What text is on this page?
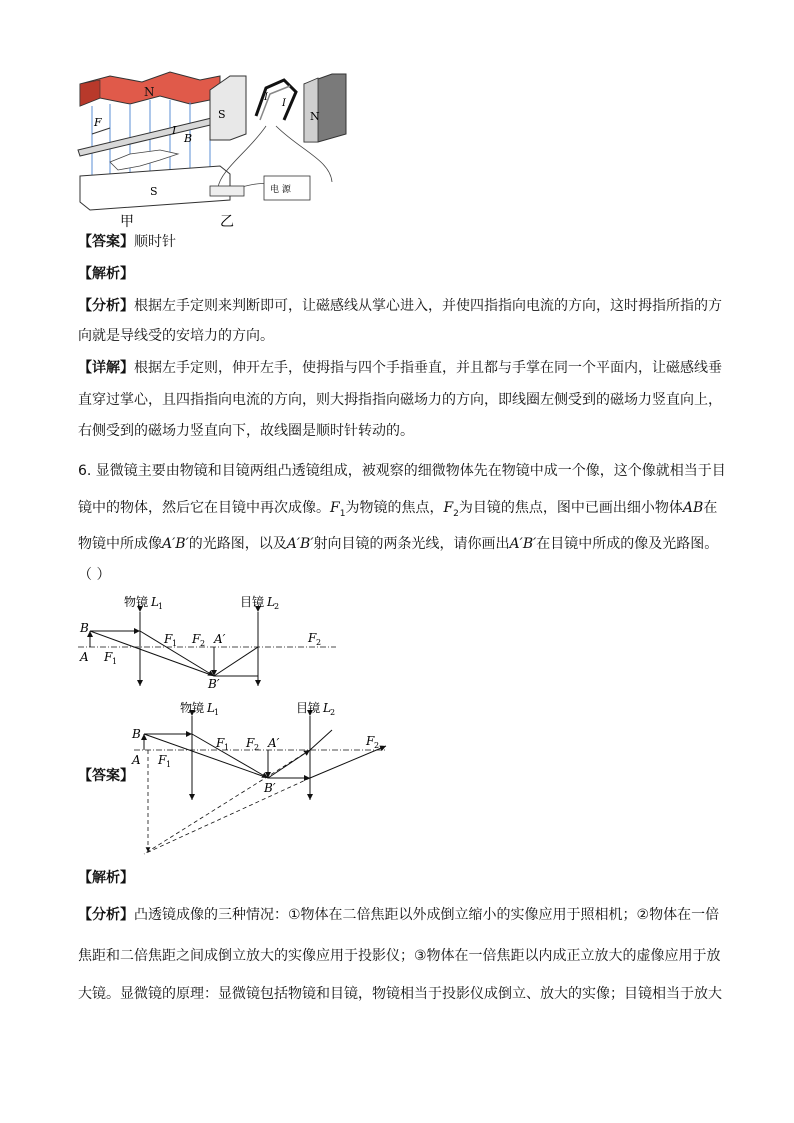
N
F
I
B
S
甲
S	N
I
I
电 源
乙
【答案】顺时针
【解析】
【分析】根据左手定则来判断即可，让磁感线从掌心进入，并使四指指向电流的方向，这时拇指所指的方
向就是导线受的安培力的方向。
【详解】根据左手定则，伸开左手，使拇指与四个手指垂直，并且都与手掌在同一个平面内，让磁感线垂
直穿过掌心，且四指指向电流的方向，则大拇指指向磁场力的方向，即线圈左侧受到的磁场力竖直向上，
右侧受到的磁场力竖直向下，故线圈是顺时针转动的。
6. 显微镜主要由物镜和目镜两组凸透镜组成，被观察的细微物体先在物镜中成一个像，这个像就相当于目
镜中的物体，然后它在目镜中再次成像。$F_1$为物镜的焦点，$F_2$为目镜的焦点，图中已画出细小物体AB在
物镜中所成像A′B′的光路图，以及A′B′射向目镜的两条光线，请你画出A′B′在目镜中所成的像及光路图。
（ ）
物镜 L 1	目镜 L 2
B
A F 1
F 1 F 2 A′
B′
F 2
【答案】
物镜 L 1	目镜 L 2
B
A F 1
F 1 F 2 A′
B′
F 2
【解析】
【分析】凸透镜成像的三种情况：①物体在二倍焦距以外成倒立缩小的实像应用于照相机；②物体在一倍
焦距和二倍焦距之间成倒立放大的实像应用于投影仪；③物体在一倍焦距以内成正立放大的虚像应用于放
大镜。显微镜的原理：显微镜包括物镜和目镜，物镜相当于投影仪成倒立、放大的实像；目镜相当于放大
